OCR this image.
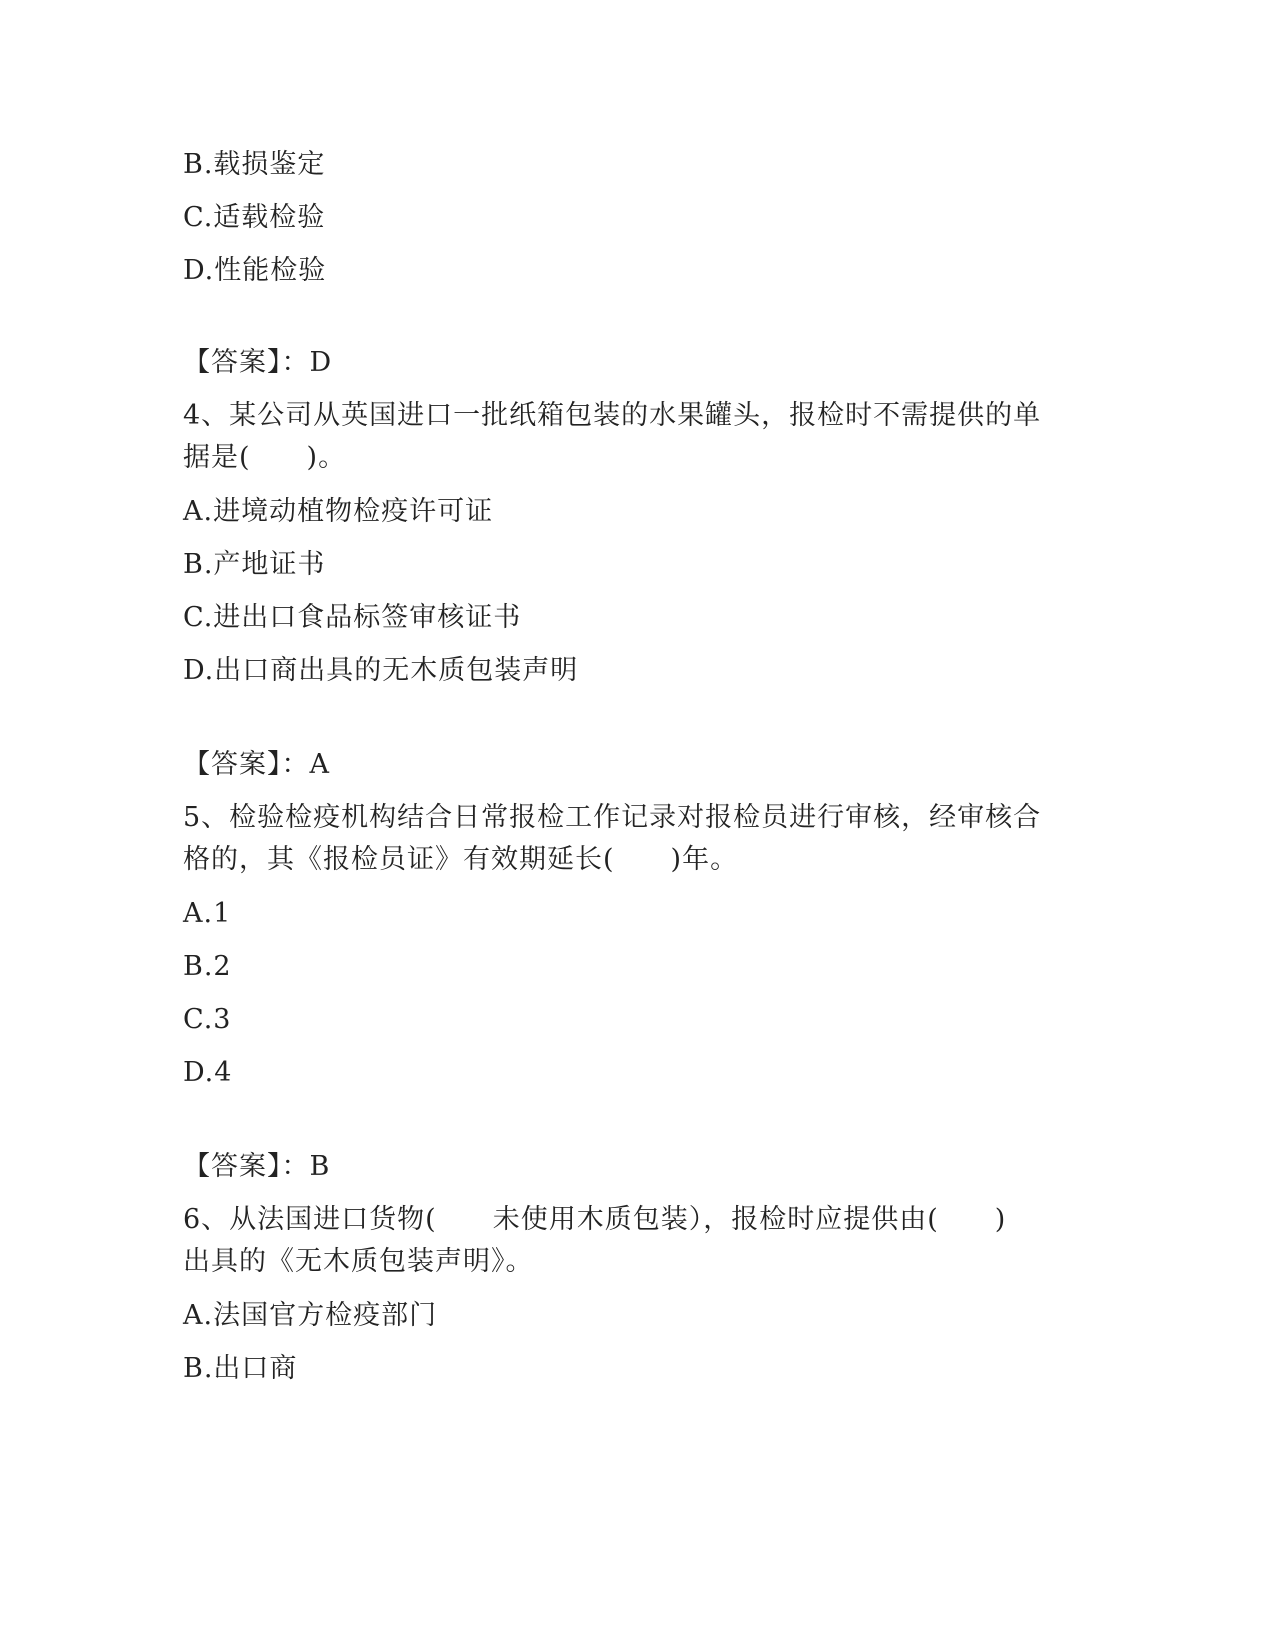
B.载损鉴定
C.适载检验
D.性能检验
【答案】：D
4、某公司从英国进口一批纸箱包装的水果罐头，报检时不需提供的单
据是(　　)。
A.进境动植物检疫许可证
B.产地证书
C.进出口食品标签审核证书
D.出口商出具的无木质包装声明
【答案】：A
5、检验检疫机构结合日常报检工作记录对报检员进行审核，经审核合
格的，其《报检员证》有效期延长(　　)年。
A.1
B.2
C.3
D.4
【答案】：B
6、从法国进口货物(　　未使用木质包装），报检时应提供由(　　)
出具的《无木质包装声明》。
A.法国官方检疫部门
B.出口商
